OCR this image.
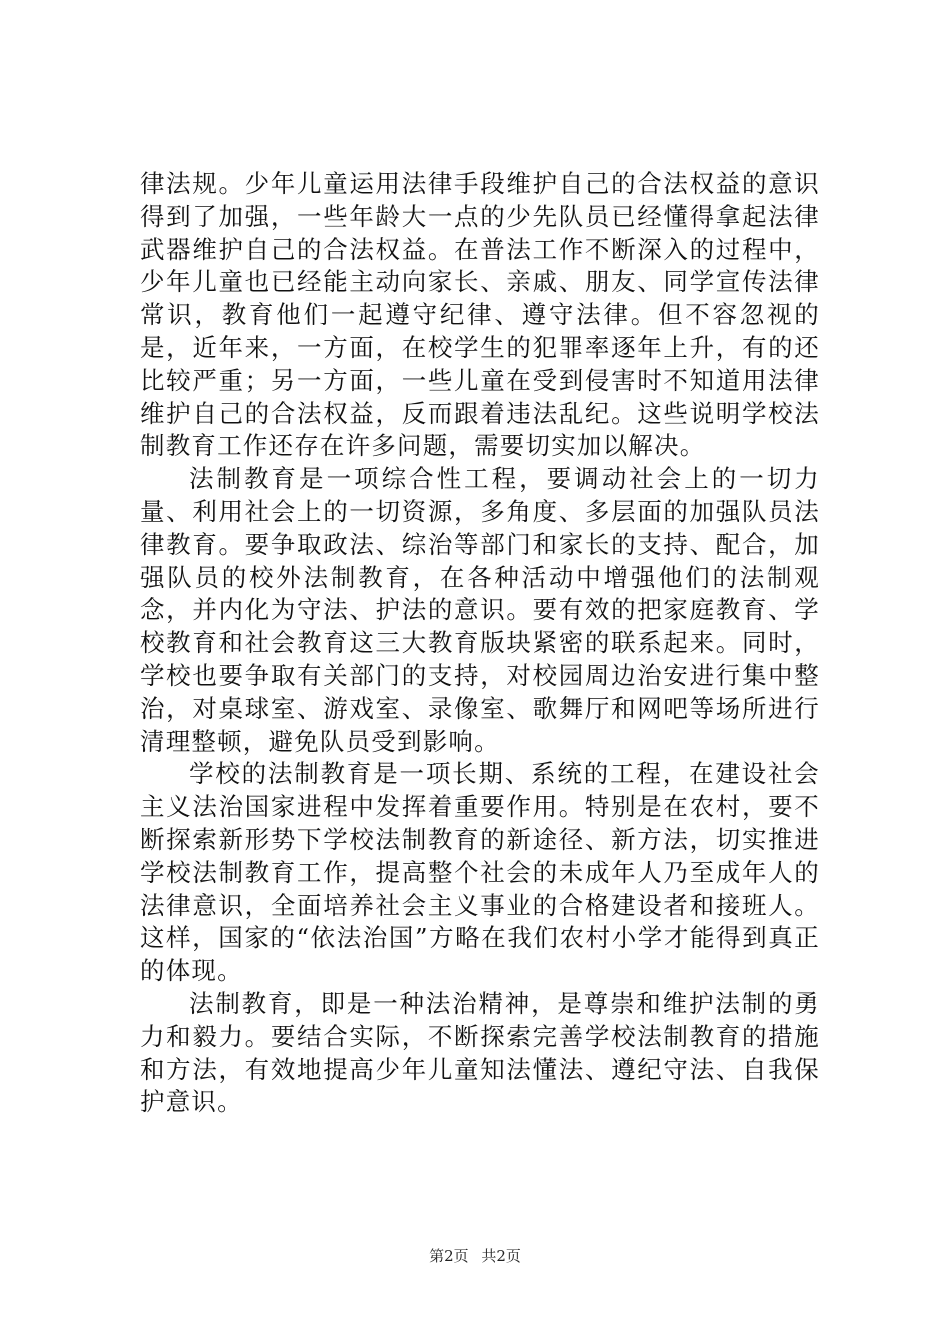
律法规。少年儿童运用法律手段维护自己的合法权益的意识得到了加强，一些年龄大一点的少先队员已经懂得拿起法律武器维护自己的合法权益。在普法工作不断深入的过程中，少年儿童也已经能主动向家长、亲戚、朋友、同学宣传法律常识，教育他们一起遵守纪律、遵守法律。但不容忽视的是，近年来，一方面，在校学生的犯罪率逐年上升，有的还比较严重；另一方面，一些儿童在受到侵害时不知道用法律维护自己的合法权益，反而跟着违法乱纪。这些说明学校法制教育工作还存在许多问题，需要切实加以解决。

法制教育是一项综合性工程，要调动社会上的一切力量、利用社会上的一切资源，多角度、多层面的加强队员法律教育。要争取政法、综治等部门和家长的支持、配合，加强队员的校外法制教育，在各种活动中增强他们的法制观念，并内化为守法、护法的意识。要有效的把家庭教育、学校教育和社会教育这三大教育版块紧密的联系起来。同时，学校也要争取有关部门的支持，对校园周边治安进行集中整治，对桌球室、游戏室、录像室、歌舞厅和网吧等场所进行清理整顿，避免队员受到影响。

学校的法制教育是一项长期、系统的工程，在建设社会主义法治国家进程中发挥着重要作用。特别是在农村，要不断探索新形势下学校法制教育的新途径、新方法，切实推进学校法制教育工作，提高整个社会的未成年人乃至成年人的法律意识，全面培养社会主义事业的合格建设者和接班人。这样，国家的“依法治国”方略在我们农村小学才能得到真正的体现。

法制教育，即是一种法治精神，是尊崇和维护法制的勇力和毅力。要结合实际，不断探索完善学校法制教育的措施和方法，有效地提高少年儿童知法懂法、遵纪守法、自我保护意识。

第2页 共2页
